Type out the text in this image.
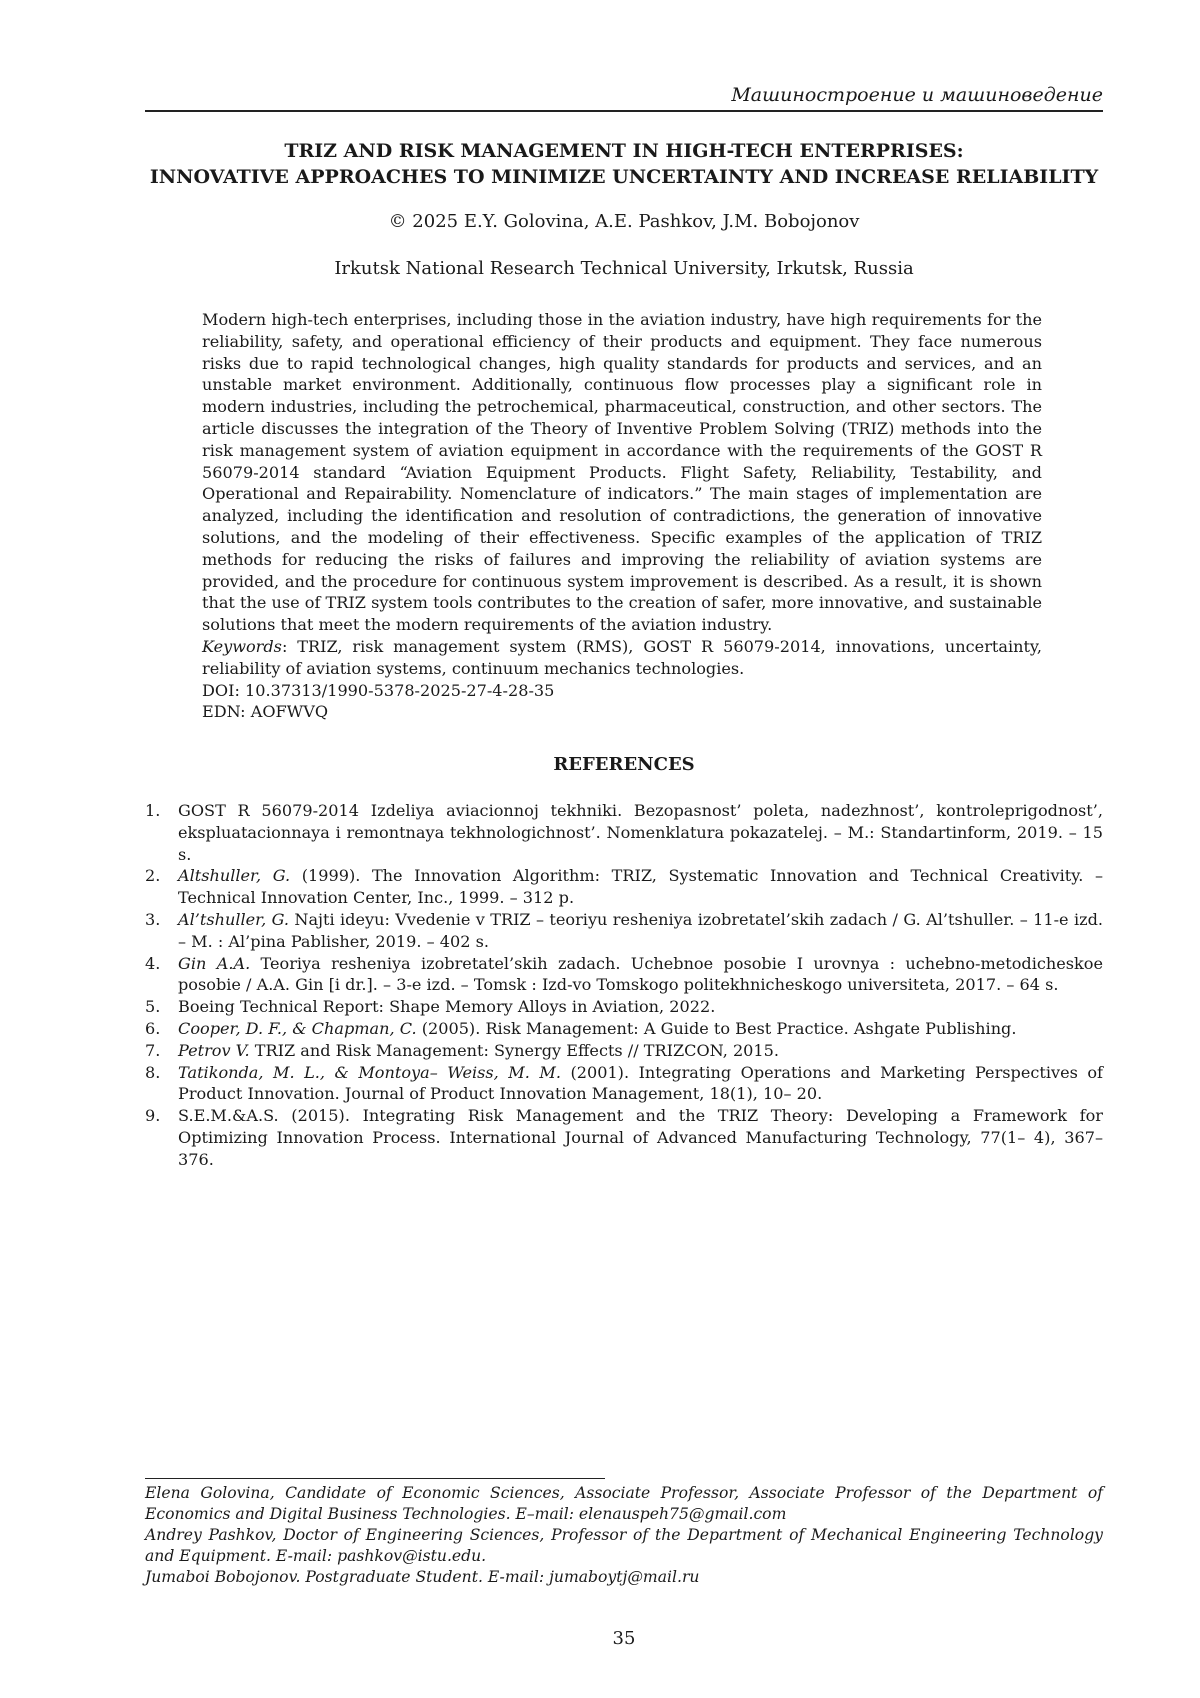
Машиностроение и машиноведение
TRIZ AND RISK MANAGEMENT IN HIGH-TECH ENTERPRISES:
INNOVATIVE APPROACHES TO MINIMIZE UNCERTAINTY AND INCREASE RELIABILITY
© 2025 E.Y. Golovina, A.E. Pashkov, J.M. Bobojonov
Irkutsk National Research Technical University, Irkutsk, Russia

Modern high-tech enterprises, including those in the aviation industry, have high requirements for the reliability, safety, and operational efficiency of their products and equipment. They face numerous risks due to rapid technological changes, high quality standards for products and services, and an unstable market environment. Additionally, continuous flow processes play a significant role in modern industries, including the petrochemical, pharmaceutical, construction, and other sectors. The article discusses the integration of the Theory of Inventive Problem Solving (TRIZ) methods into the risk management system of aviation equipment in accordance with the requirements of the GOST R 56079-2014 standard “Aviation Equipment Products. Flight Safety, Reliability, Testability, and Operational and Repairability. Nomenclature of indicators.” The main stages of implementation are analyzed, including the identification and resolution of contradictions, the generation of innovative solutions, and the modeling of their effectiveness. Specific examples of the application of TRIZ methods for reducing the risks of failures and improving the reliability of aviation systems are provided, and the procedure for continuous system improvement is described. As a result, it is shown that the use of TRIZ system tools contributes to the creation of safer, more innovative, and sustainable solutions that meet the modern requirements of the aviation industry.

Keywords: TRIZ, risk management system (RMS), GOST R 56079-2014, innovations, uncertainty, reliability of aviation systems, continuum mechanics technologies.

DOI: 10.37313/1990-5378-2025-27-4-28-35

EDN: AOFWVQ

REFERENCES
1. GOST R 56079-2014 Izdeliya aviacionnoj tekhniki. Bezopasnost’ poleta, nadezhnost’, kontroleprigodnost’, ekspluatacionnaya i remontnaya tekhnologichnost’. Nomenklatura pokazatelej. – M.: Standartinform, 2019. – 15 s.
2. Altshuller, G. (1999). The Innovation Algorithm: TRIZ, Systematic Innovation and Technical Creativity. – Technical Innovation Center, Inc., 1999. – 312 p.
3. Al’tshuller, G. Najti ideyu: Vvedenie v TRIZ – teoriyu resheniya izobretatel’skih zadach / G. Al’tshuller. – 11-e izd. – M. : Al’pina Pablisher, 2019. – 402 s.
4. Gin A.A. Teoriya resheniya izobretatel’skih zadach. Uchebnoe posobie I urovnya : uchebno-metodicheskoe posobie / A.A. Gin [i dr.]. – 3-e izd. – Tomsk : Izd-vo Tomskogo politekhnicheskogo universiteta, 2017. – 64 s.
5. Boeing Technical Report: Shape Memory Alloys in Aviation, 2022.
6. Cooper, D. F., & Chapman, C. (2005). Risk Management: A Guide to Best Practice. Ashgate Publishing.
7. Petrov V. TRIZ and Risk Management: Synergy Effects // TRIZCON, 2015.
8. Tatikonda, M. L., & Montoya– Weiss, M. M. (2001). Integrating Operations and Marketing Perspectives of Product Innovation. Journal of Product Innovation Management, 18(1), 10– 20.
9. S.E.M.&A.S. (2015). Integrating Risk Management and the TRIZ Theory: Developing a Framework for Optimizing Innovation Process. International Journal of Advanced Manufacturing Technology, 77(1– 4), 367– 376.

Elena Golovina, Candidate of Economic Sciences, Associate Professor, Associate Professor of the Department of Economics and Digital Business Technologies. E–mail: elenauspeh75@gmail.com

Andrey Pashkov, Doctor of Engineering Sciences, Professor of the Department of Mechanical Engineering Technology and Equipment. E-mail: pashkov@istu.edu.

Jumaboi Bobojonov. Postgraduate Student. E-mail: jumaboytj@mail.ru

35
